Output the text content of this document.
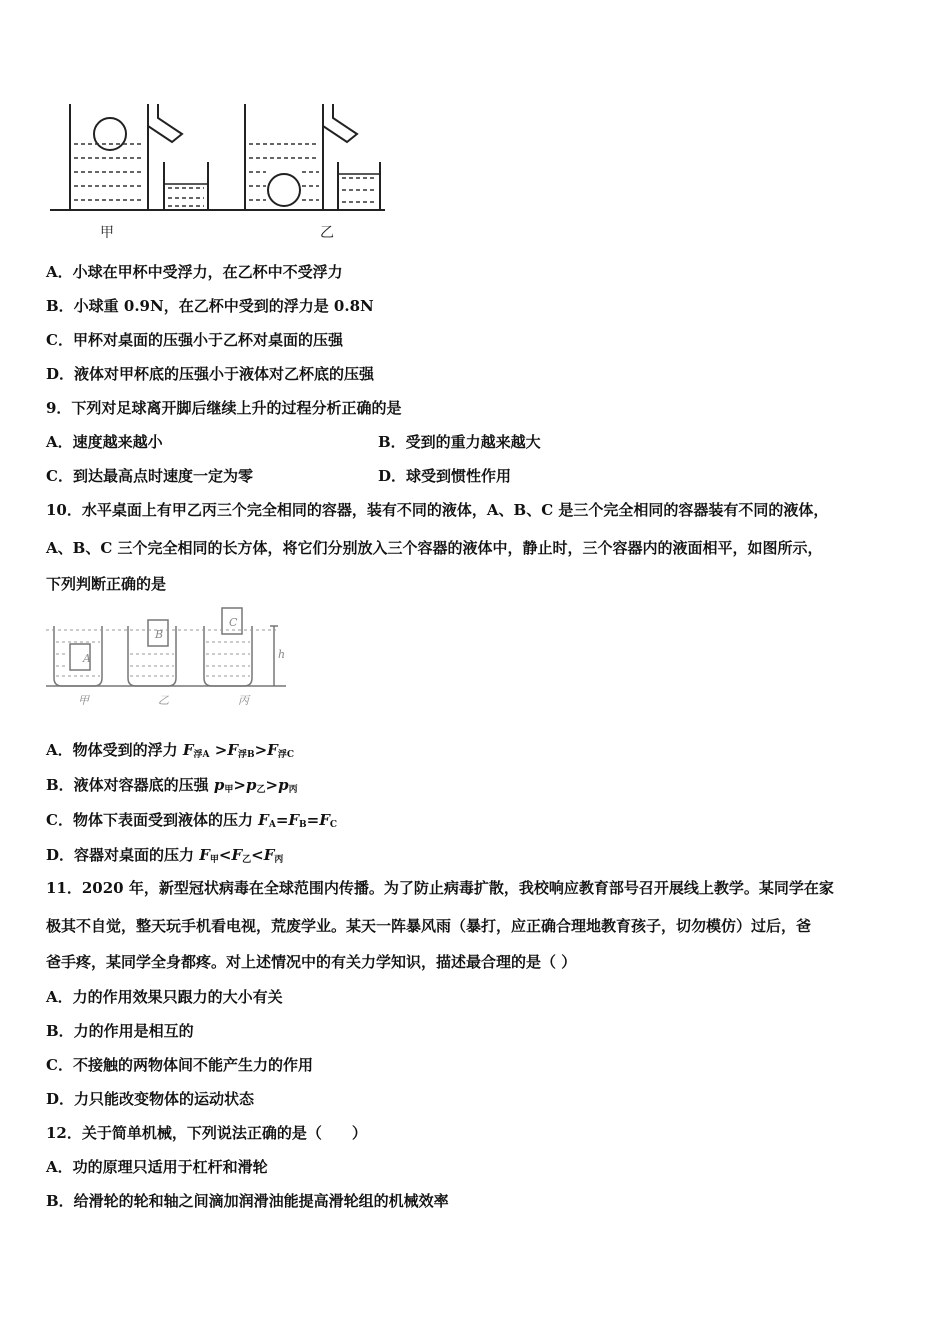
甲	乙
A．小球在甲杯中受浮力，在乙杯中不受浮力
B．小球重 0.9N，在乙杯中受到的浮力是 0.8N
C．甲杯对桌面的压强小于乙杯对桌面的压强
D．液体对甲杯底的压强小于液体对乙杯底的压强
9．下列对足球离开脚后继续上升的过程分析正确的是
A．速度越来越小	B．受到的重力越来越大
C．到达最高点时速度一定为零	D．球受到惯性作用
10．水平桌面上有甲乙丙三个完全相同的容器，装有不同的液体，A、B、C 是三个完全相同的容器装有不同的液体，
A、B、C 三个完全相同的长方体，将它们分别放入三个容器的液体中，静止时，三个容器内的液面相平，如图所示，
下列判断正确的是
A
B
C
h
甲	乙	丙
A．物体受到的浮力 $F_{浮A} >F_{浮B}>F_{浮C}$
B．液体对容器底的压强 $p_甲>p_乙>p_丙$
C．物体下表面受到液体的压力 $F_A=F_B=F_C$
D．容器对桌面的压力 $F_甲<F_乙<F_丙$
11．2020 年，新型冠状病毒在全球范围内传播。为了防止病毒扩散，我校响应教育部号召开展线上教学。某同学在家
极其不自觉，整天玩手机看电视，荒废学业。某天一阵暴风雨（暴打，应正确合理地教育孩子，切勿模仿）过后，爸
爸手疼，某同学全身都疼。对上述情况中的有关力学知识，描述最合理的是（ ）
A．力的作用效果只跟力的大小有关
B．力的作用是相互的
C．不接触的两物体间不能产生力的作用
D．力只能改变物体的运动状态
12．关于简单机械，下列说法正确的是（　　）
A．功的原理只适用于杠杆和滑轮
B．给滑轮的轮和轴之间滴加润滑油能提高滑轮组的机械效率
